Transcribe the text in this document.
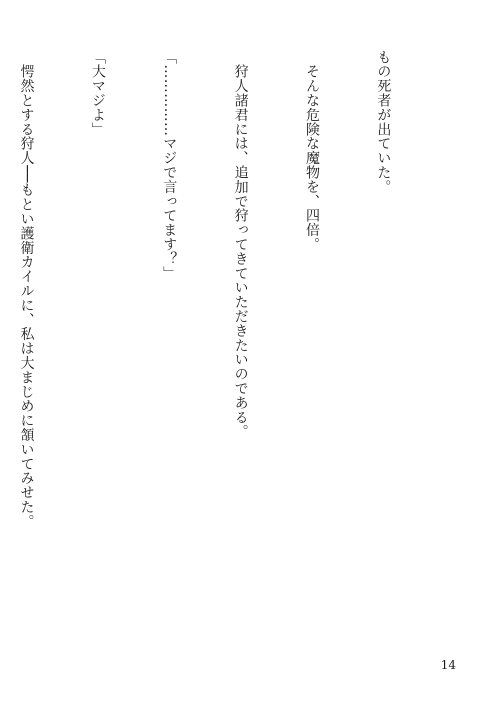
もの死者が出ていた。

　そんな危険な魔物を、四倍。

　狩人諸君には、追加で狩ってきていただきたいのである。

「……………マジで言ってます？」

「大マジよ」

　愕然とする狩人──もとい護衛カイルに、私は大まじめに頷いてみせた。

14
